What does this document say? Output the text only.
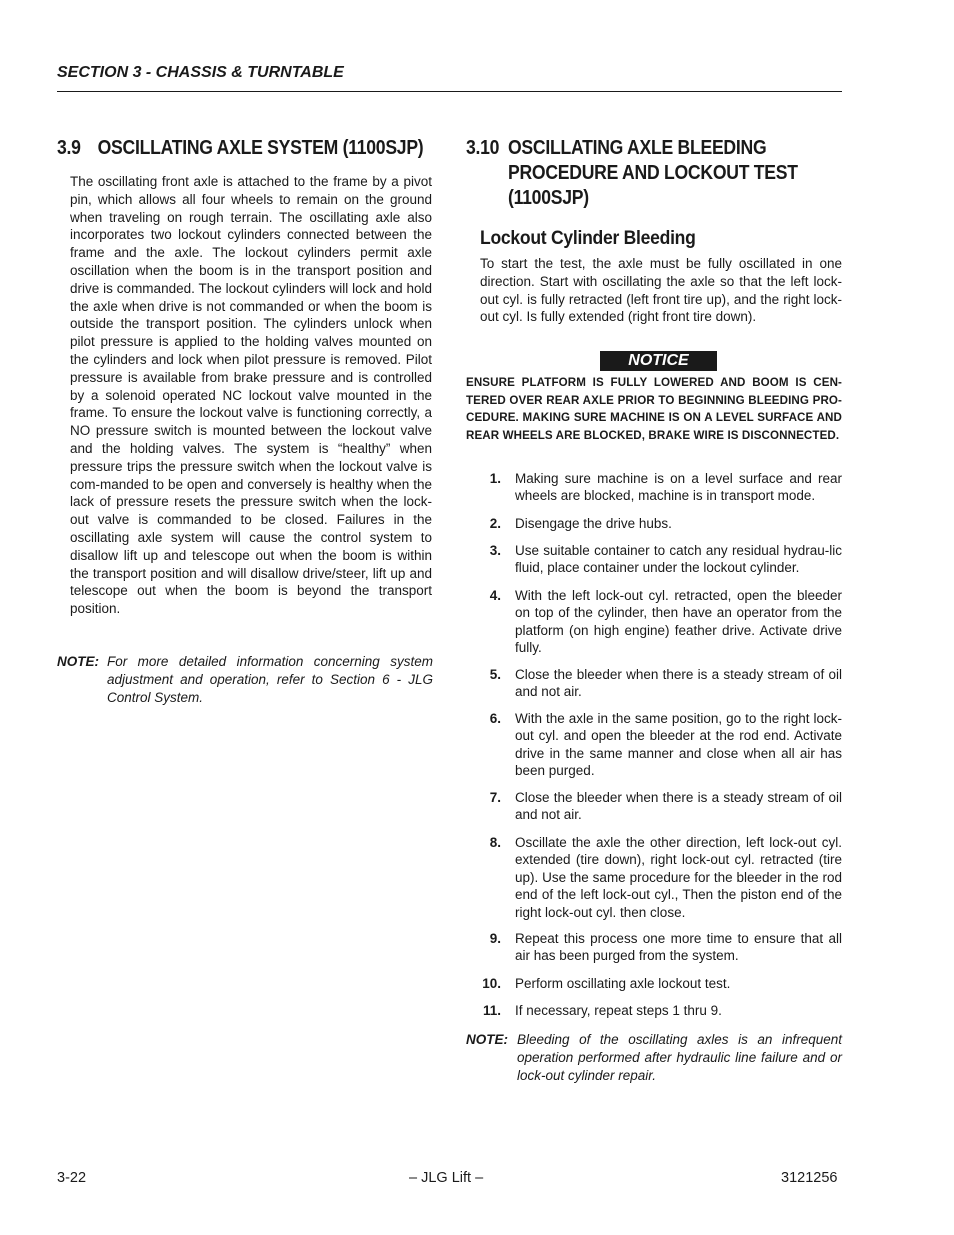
SECTION 3 - CHASSIS & TURNTABLE
3.9 OSCILLATING AXLE SYSTEM (1100SJP)
The oscillating front axle is attached to the frame by a pivot pin, which allows all four wheels to remain on the ground when traveling on rough terrain. The oscillating axle also incorporates two lockout cylinders connected between the frame and the axle. The lockout cylinders permit axle oscillation when the boom is in the transport position and drive is commanded. The lockout cylinders will lock and hold the axle when drive is not commanded or when the boom is outside the transport position. The cylinders unlock when pilot pressure is applied to the holding valves mounted on the cylinders and lock when pilot pressure is removed. Pilot pressure is available from brake pressure and is controlled by a solenoid operated NC lockout valve mounted in the frame. To ensure the lockout valve is functioning correctly, a NO pressure switch is mounted between the lockout valve and the holding valves. The system is “healthy” when pressure trips the pressure switch when the lockout valve is com-manded to be open and conversely is healthy when the lack of pressure resets the pressure switch when the lock-out valve is commanded to be closed. Failures in the oscillating axle system will cause the control system to disallow lift up and telescope out when the boom is within the transport position and will disallow drive/steer, lift up and telescope out when the boom is beyond the transport position.
NOTE: For more detailed information concerning system adjustment and operation, refer to Section 6 - JLG Control System.
3.10 OSCILLATING AXLE BLEEDING
PROCEDURE AND LOCKOUT TEST
(1100SJP)
Lockout Cylinder Bleeding
To start the test, the axle must be fully oscillated in one direction. Start with oscillating the axle so that the left lock-out cyl. is fully retracted (left front tire up), and the right lock-out cyl. Is fully extended (right front tire down).
NOTICE
ENSURE PLATFORM IS FULLY LOWERED AND BOOM IS CEN-TERED OVER REAR AXLE PRIOR TO BEGINNING BLEEDING PRO-CEDURE. MAKING SURE MACHINE IS ON A LEVEL SURFACE AND REAR WHEELS ARE BLOCKED, BRAKE WIRE IS DISCONNECTED.
1. Making sure machine is on a level surface and rear wheels are blocked, machine is in transport mode.
2. Disengage the drive hubs.
3. Use suitable container to catch any residual hydrau-lic fluid, place container under the lockout cylinder.
4. With the left lock-out cyl. retracted, open the bleeder on top of the cylinder, then have an operator from the platform (on high engine) feather drive. Activate drive fully.
5. Close the bleeder when there is a steady stream of oil and not air.
6. With the axle in the same position, go to the right lock-out cyl. and open the bleeder at the rod end. Activate drive in the same manner and close when all air has been purged.
7. Close the bleeder when there is a steady stream of oil and not air.
8. Oscillate the axle the other direction, left lock-out cyl. extended (tire down), right lock-out cyl. retracted (tire up). Use the same procedure for the bleeder in the rod end of the left lock-out cyl., Then the piston end of the right lock-out cyl. then close.
9. Repeat this process one more time to ensure that all air has been purged from the system.
10. Perform oscillating axle lockout test.
11. If necessary, repeat steps 1 thru 9.
NOTE: Bleeding of the oscillating axles is an infrequent operation performed after hydraulic line failure and or lock-out cylinder repair.
3-22	– JLG Lift –	3121256
